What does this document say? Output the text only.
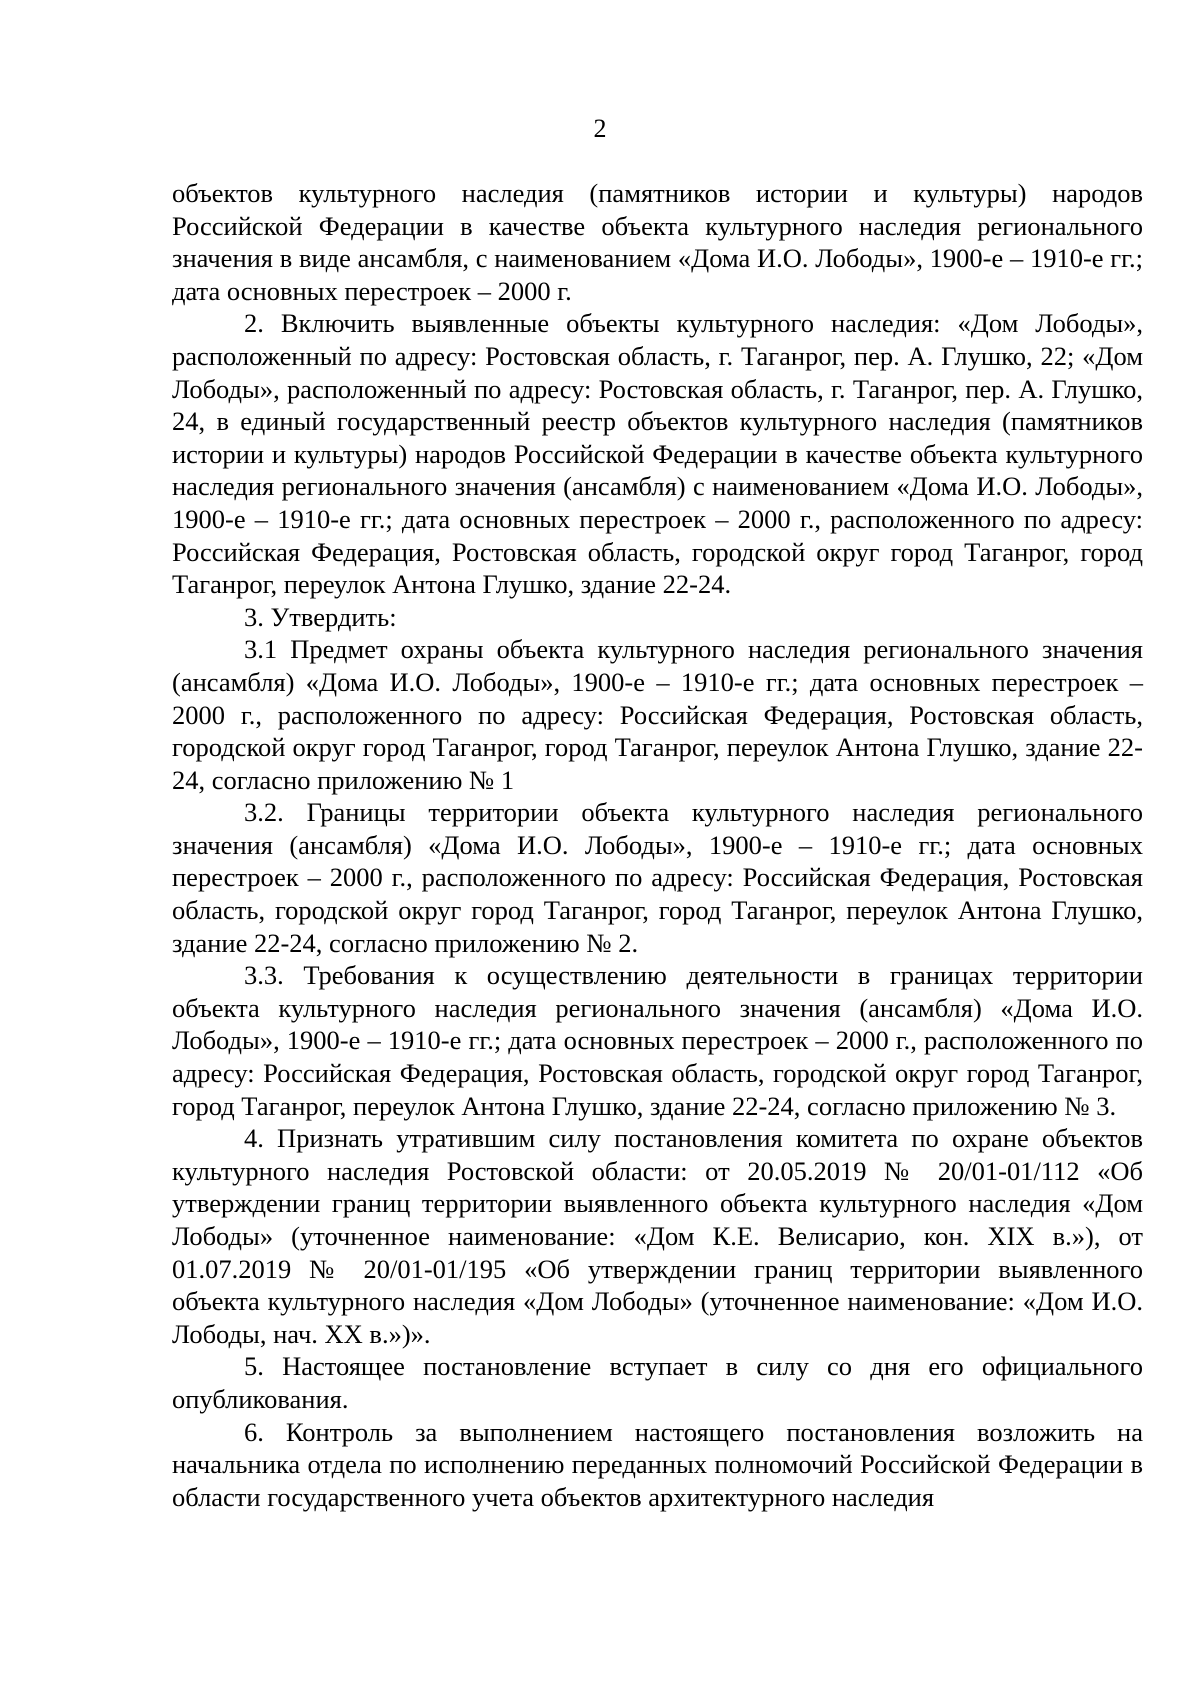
2

объектов культурного наследия (памятников истории и культуры) народов Российской Федерации в качестве объекта культурного наследия регионального значения в виде ансамбля, с наименованием «Дома И.О. Лободы», 1900-е – 1910-е гг.; дата основных перестроек – 2000 г.

2. Включить выявленные объекты культурного наследия: «Дом Лободы», расположенный по адресу: Ростовская область, г. Таганрог, пер. А. Глушко, 22; «Дом Лободы», расположенный по адресу: Ростовская область, г. Таганрог, пер. А. Глушко, 24, в единый государственный реестр объектов культурного наследия (памятников истории и культуры) народов Российской Федерации в качестве объекта культурного наследия регионального значения (ансамбля) с наименованием «Дома И.О. Лободы», 1900-е – 1910-е гг.; дата основных перестроек – 2000 г., расположенного по адресу: Российская Федерация, Ростовская область, городской округ город Таганрог, город Таганрог, переулок Антона Глушко, здание 22-24.

3. Утвердить:

3.1 Предмет охраны объекта культурного наследия регионального значения (ансамбля) «Дома И.О. Лободы», 1900-е – 1910-е гг.; дата основных перестроек – 2000 г., расположенного по адресу: Российская Федерация, Ростовская область, городской округ город Таганрог, город Таганрог, переулок Антона Глушко, здание 22-24, согласно приложению № 1

3.2. Границы территории объекта культурного наследия регионального значения (ансамбля) «Дома И.О. Лободы», 1900-е – 1910-е гг.; дата основных перестроек – 2000 г., расположенного по адресу: Российская Федерация, Ростовская область, городской округ город Таганрог, город Таганрог, переулок Антона Глушко, здание 22-24, согласно приложению № 2.

3.3. Требования к осуществлению деятельности в границах территории объекта культурного наследия регионального значения (ансамбля) «Дома И.О. Лободы», 1900-е – 1910-е гг.; дата основных перестроек – 2000 г., расположенного по адресу: Российская Федерация, Ростовская область, городской округ город Таганрог, город Таганрог, переулок Антона Глушко, здание 22-24, согласно приложению № 3.

4. Признать утратившим силу постановления комитета по охране объектов культурного наследия Ростовской области: от 20.05.2019 № 20/01-01/112 «Об утверждении границ территории выявленного объекта культурного наследия «Дом Лободы» (уточненное наименование: «Дом К.Е. Велисарио, кон. XIX в.»), от 01.07.2019 № 20/01-01/195 «Об утверждении границ территории выявленного объекта культурного наследия «Дом Лободы» (уточненное наименование: «Дом И.О. Лободы, нач. XX в.»)».

5. Настоящее постановление вступает в силу со дня его официального опубликования.

6. Контроль за выполнением настоящего постановления возложить на начальника отдела по исполнению переданных полномочий Российской Федерации в области государственного учета объектов архитектурного наследия
